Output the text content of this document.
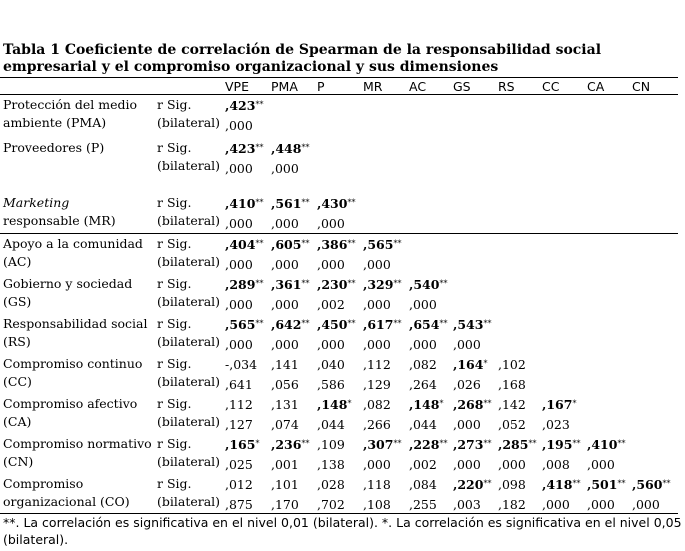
Tabla 1 Coeficiente de correlación de Spearman de la responsabilidad social empresarial y el compromiso organizacional y sus dimensiones
VPE PMA P	MR AC GS RS CC CA CN
Protección del medio ambiente (PMA)
r Sig. (bilateral)
,423**
,000
Proveedores (P)	r Sig. (bilateral)
,423** ,448**
,000 ,000
Marketing
responsable (MR)
r Sig. (bilateral)
,410** ,561** ,430**
,000 ,000 ,000
Apoyo a la comunidad (AC)
r Sig. (bilateral)
,404** ,605** ,386** ,565**
,000 ,000 ,000 ,000
Gobierno y sociedad (GS)
r Sig. (bilateral)
,289** ,361** ,230** ,329** ,540**
,000 ,000 ,002 ,000 ,000
Responsabilidad social (RS)
r Sig. (bilateral)
,565** ,642** ,450** ,617** ,654** ,543**
,000 ,000 ,000 ,000 ,000 ,000
Compromiso continuo (CC)
r Sig. (bilateral)
-,034 ,141 ,040 ,112 ,082 ,164* ,102
,641 ,056 ,586 ,129 ,264 ,026 ,168
Compromiso afectivo (CA)
r Sig. (bilateral)
,112 ,131 ,148* ,082 ,148* ,268** ,142 ,167*
,127 ,074 ,044 ,266 ,044 ,000 ,052 ,023
Compromiso normativo (CN)
r Sig. (bilateral)
,165* ,236** ,109 ,307** ,228** ,273** ,285** ,195** ,410**
,025 ,001 ,138 ,000 ,002 ,000 ,000 ,008 ,000
Compromiso organizacional (CO)
r Sig. (bilateral)
,012 ,101 ,028 ,118 ,084 ,220** ,098 ,418** ,501** ,560**
,875 ,170 ,702 ,108 ,255 ,003 ,182 ,000 ,000 ,000
**. La correlación es significativa en el nivel 0,01 (bilateral). *. La correlación es significativa en el nivel 0,05 (bilateral).
